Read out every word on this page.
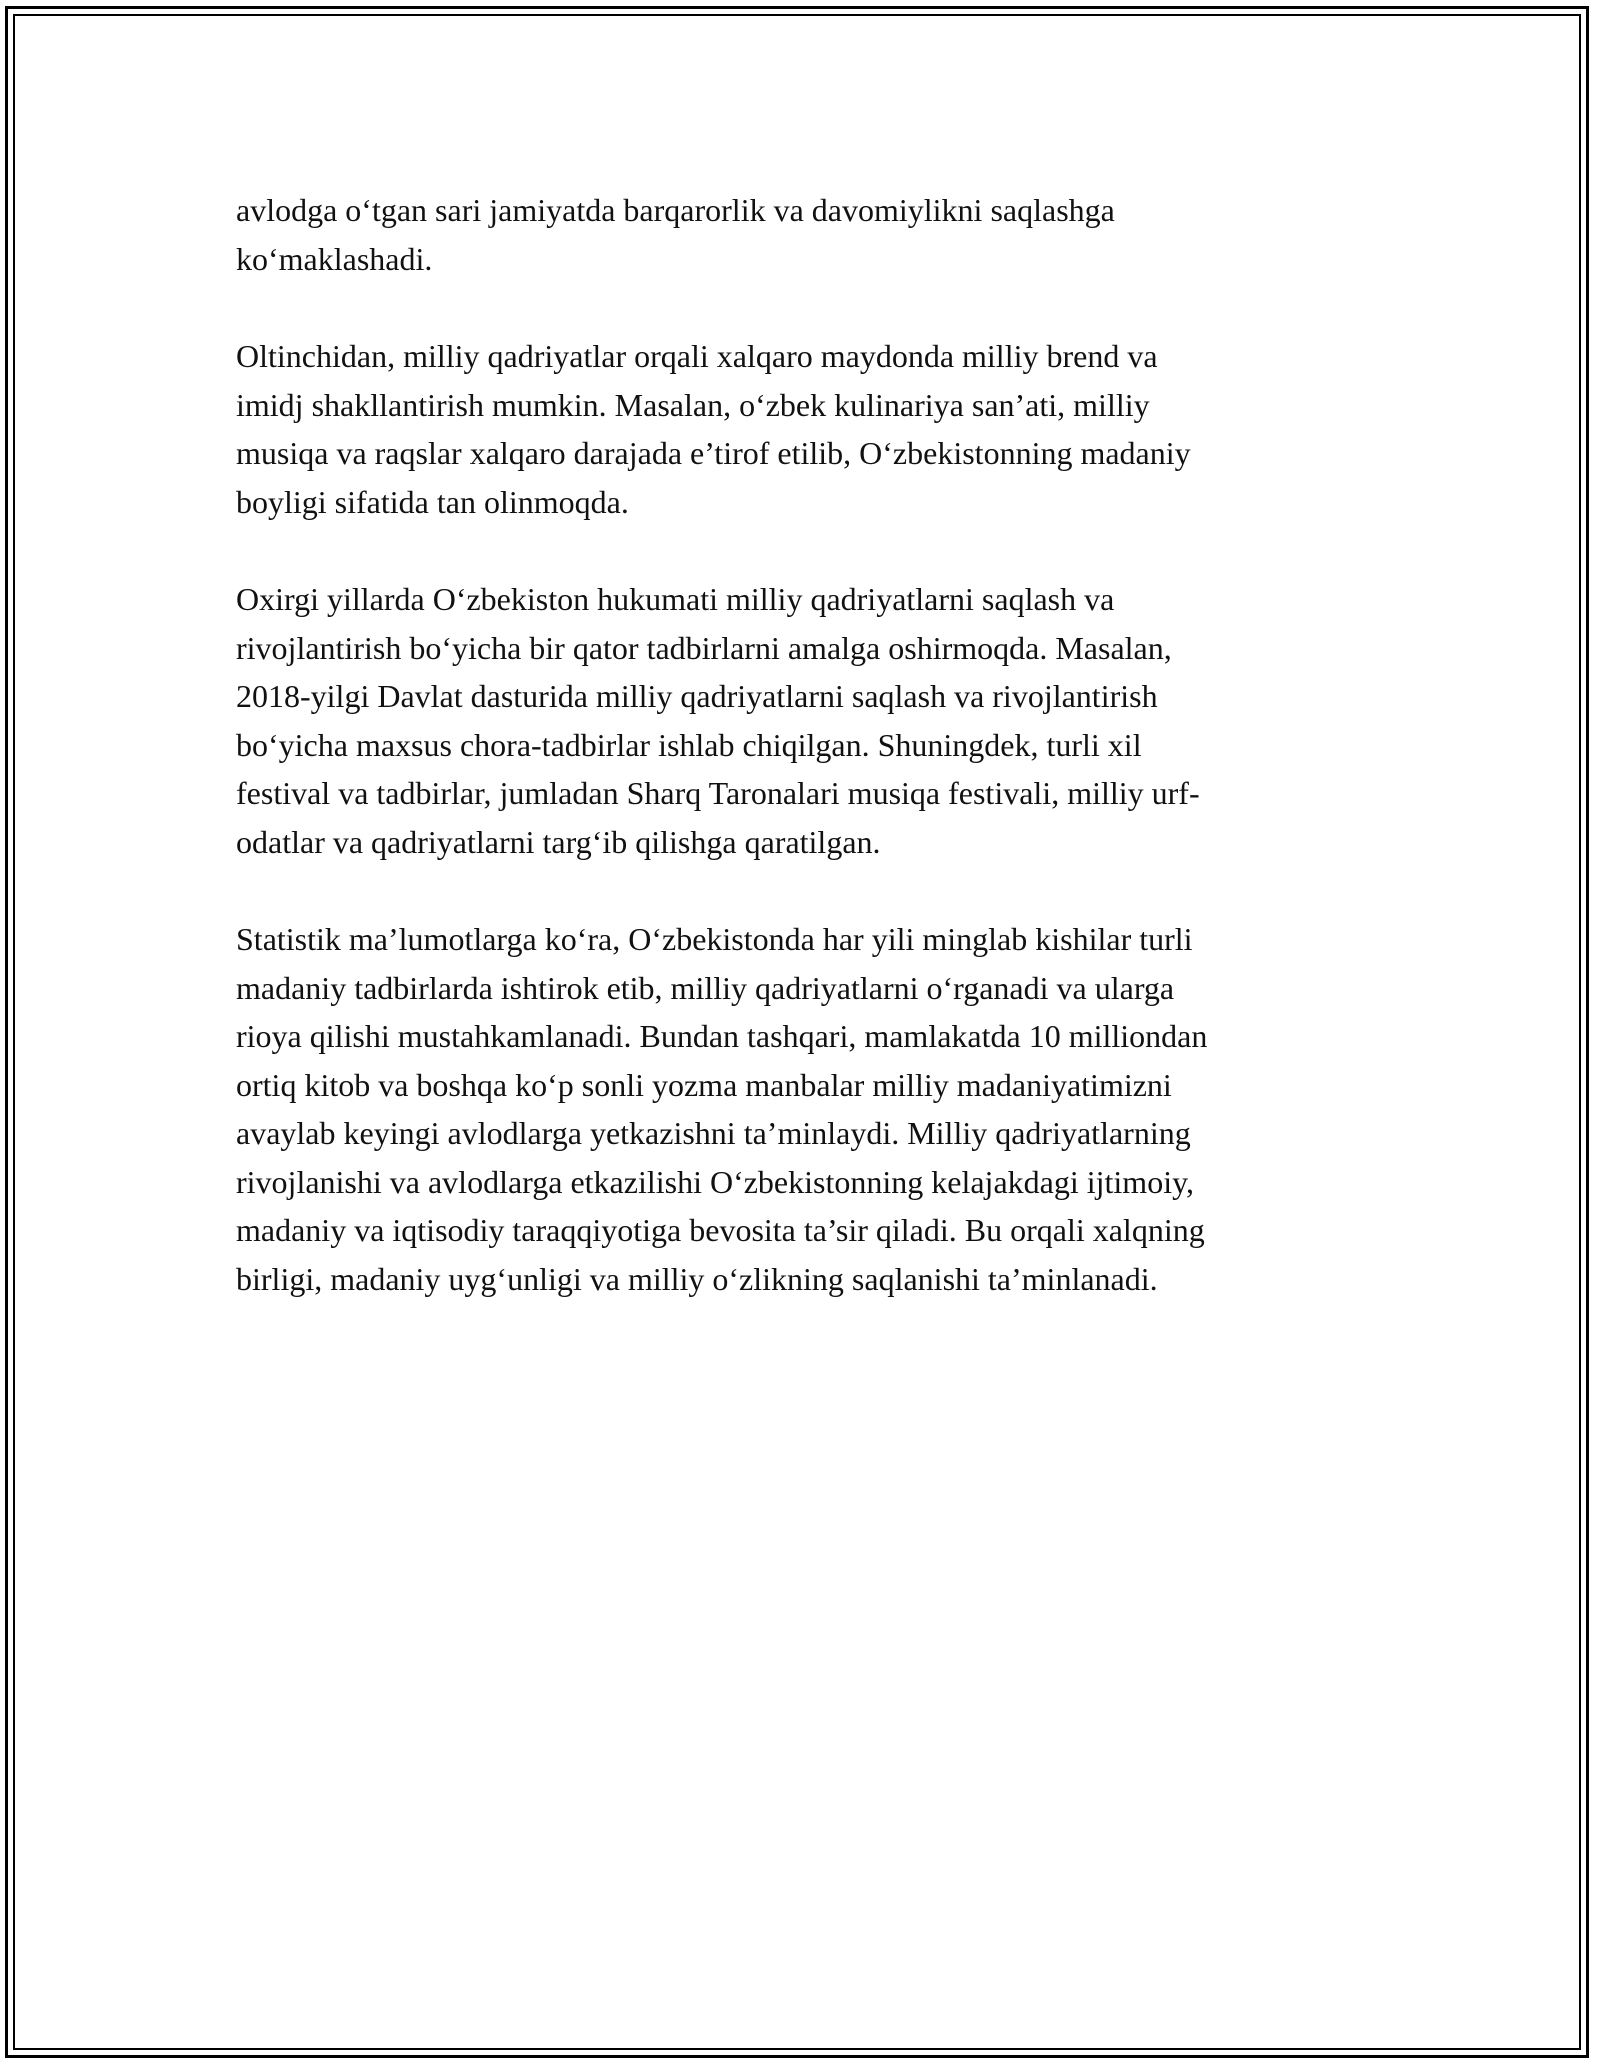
avlodga o‘tgan sari jamiyatda barqarorlik va davomiylikni saqlashga
ko‘maklashadi.

Oltinchidan, milliy qadriyatlar orqali xalqaro maydonda milliy brend va
imidj shakllantirish mumkin. Masalan, o‘zbek kulinariya san’ati, milliy
musiqa va raqslar xalqaro darajada e’tirof etilib, O‘zbekistonning madaniy
boyligi sifatida tan olinmoqda.

Oxirgi yillarda O‘zbekiston hukumati milliy qadriyatlarni saqlash va
rivojlantirish bo‘yicha bir qator tadbirlarni amalga oshirmoqda. Masalan,
2018-yilgi Davlat dasturida milliy qadriyatlarni saqlash va rivojlantirish
bo‘yicha maxsus chora-tadbirlar ishlab chiqilgan. Shuningdek, turli xil
festival va tadbirlar, jumladan Sharq Taronalari musiqa festivali, milliy urf-
odatlar va qadriyatlarni targ‘ib qilishga qaratilgan.

Statistik ma’lumotlarga ko‘ra, O‘zbekistonda har yili minglab kishilar turli
madaniy tadbirlarda ishtirok etib, milliy qadriyatlarni o‘rganadi va ularga
rioya qilishi mustahkamlanadi. Bundan tashqari, mamlakatda 10 milliondan
ortiq kitob va boshqa ko‘p sonli yozma manbalar milliy madaniyatimizni
avaylab keyingi avlodlarga yetkazishni ta’minlaydi. Milliy qadriyatlarning
rivojlanishi va avlodlarga etkazilishi O‘zbekistonning kelajakdagi ijtimoiy,
madaniy va iqtisodiy taraqqiyotiga bevosita ta’sir qiladi. Bu orqali xalqning
birligi, madaniy uyg‘unligi va milliy o‘zlikning saqlanishi ta’minlanadi.
